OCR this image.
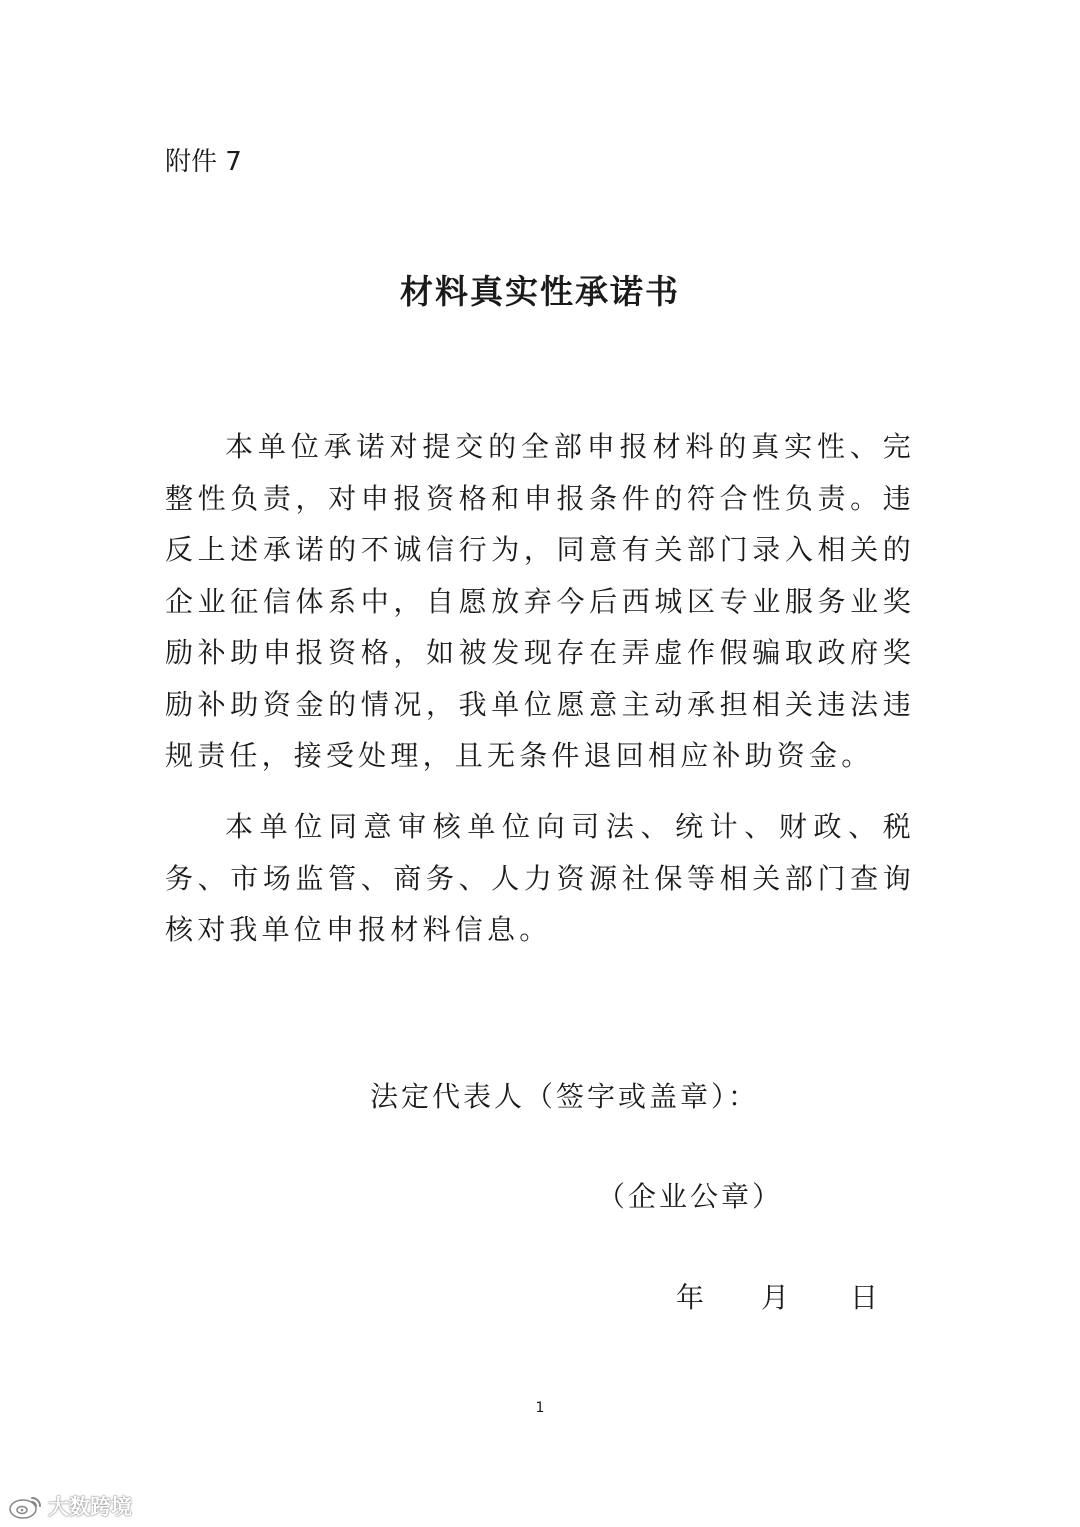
附件 7
材料真实性承诺书

本单位承诺对提交的全部申报材料的真实性、完整性负责，对申报资格和申报条件的符合性负责。违反上述承诺的不诚信行为，同意有关部门录入相关的企业征信体系中，自愿放弃今后西城区专业服务业奖励补助申报资格，如被发现存在弄虚作假骗取政府奖励补助资金的情况，我单位愿意主动承担相关违法违规责任，接受处理，且无条件退回相应补助资金。

本单位同意审核单位向司法、统计、财政、税务、市场监管、商务、人力资源社保等相关部门查询核对我单位申报材料信息。

法定代表人（签字或盖章）：
（企业公章）
年 月 日
1
大数跨境
